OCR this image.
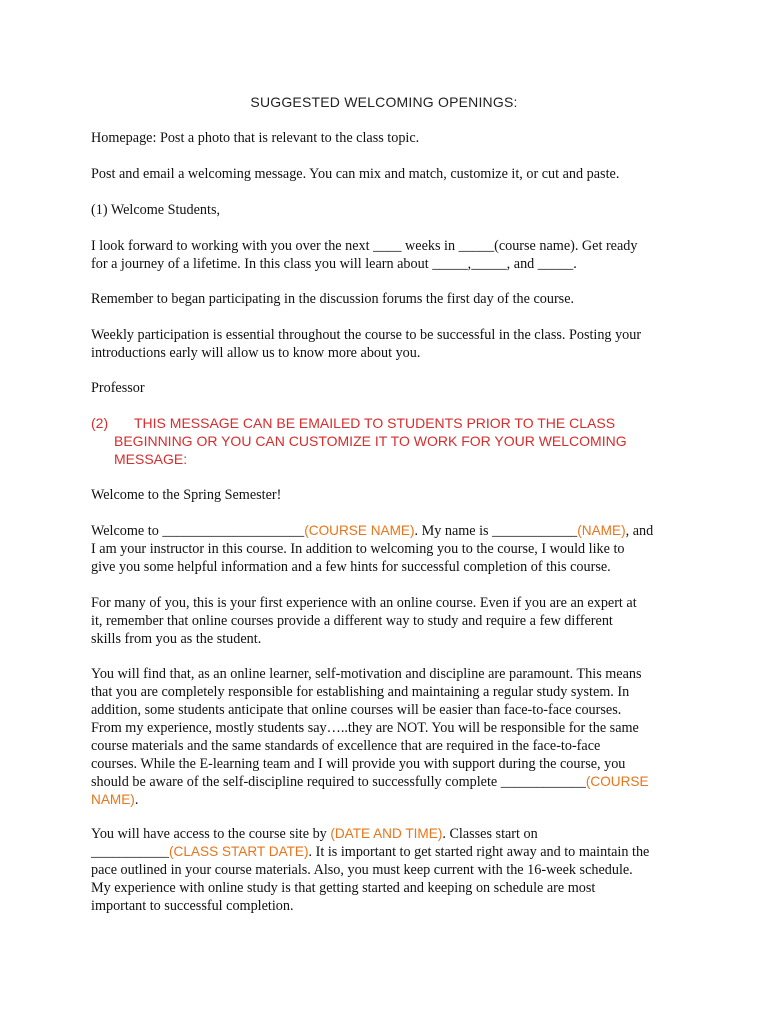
SUGGESTED WELCOMING OPENINGS:

Homepage: Post a photo that is relevant to the class topic.

Post and email a welcoming message. You can mix and match, customize it, or cut and paste.

(1) Welcome Students,

I look forward to working with you over the next ____ weeks in _____(course name). Get ready
for a journey of a lifetime. In this class you will learn about _____,_____, and _____.

Remember to began participating in the discussion forums the first day of the course.

Weekly participation is essential throughout the course to be successful in the class. Posting your
introductions early will allow us to know more about you.

Professor

(2)	THIS MESSAGE CAN BE EMAILED TO STUDENTS PRIOR TO THE CLASS BEGINNING OR YOU CAN CUSTOMIZE IT TO WORK FOR YOUR WELCOMING MESSAGE:

Welcome to the Spring Semester!

Welcome to ____________________(COURSE NAME). My name is ____________(NAME), and
I am your instructor in this course. In addition to welcoming you to the course, I would like to
give you some helpful information and a few hints for successful completion of this course.
For many of you, this is your first experience with an online course. Even if you are an expert at
it, remember that online courses provide a different way to study and require a few different
skills from you as the student.
You will find that, as an online learner, self-motivation and discipline are paramount. This means
that you are completely responsible for establishing and maintaining a regular study system. In
addition, some students anticipate that online courses will be easier than face-to-face courses.
From my experience, mostly students say…..they are NOT. You will be responsible for the same
course materials and the same standards of excellence that are required in the face-to-face
courses. While the E-learning team and I will provide you with support during the course, you
should be aware of the self-discipline required to successfully complete ____________(COURSE
NAME).
You will have access to the course site by (DATE AND TIME). Classes start on
___________(CLASS START DATE). It is important to get started right away and to maintain the
pace outlined in your course materials. Also, you must keep current with the 16-week schedule.
My experience with online study is that getting started and keeping on schedule are most
important to successful completion.
